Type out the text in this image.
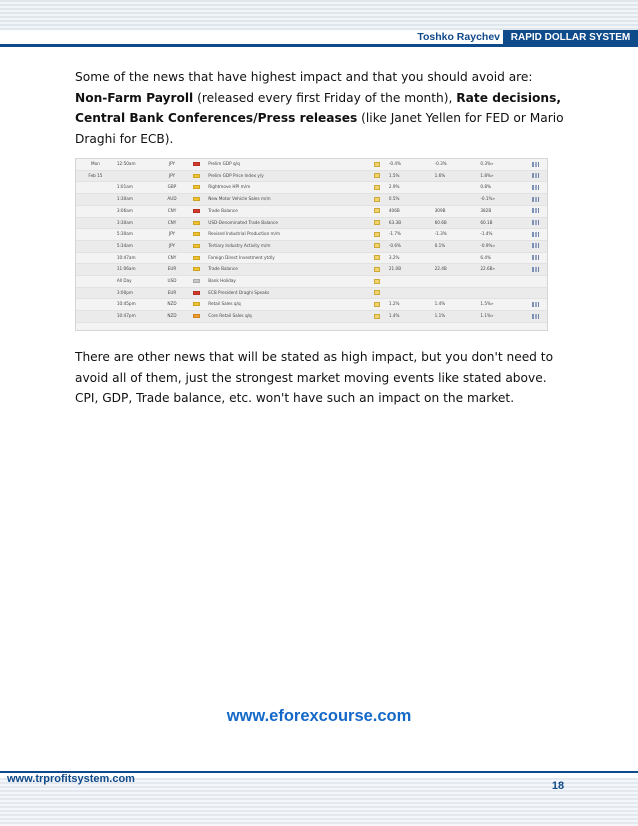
Toshko Raychev	RAPID DOLLAR SYSTEM

Some of the news that have highest impact and that you should avoid are: Non-Farm Payroll (released every first Friday of the month), Rate decisions, Central Bank Conferences/Press releases (like Janet Yellen for FED or Mario Draghi for ECB).

Mon	12:50am	JPY		Prelim GDP q/q		-0.4%	-0.3%	0.3%»	
Feb 15		JPY		Prelim GDP Price Index y/y		1.5%	1.6%	1.8%»	
	1:01am	GBP		Rightmove HPI m/m		2.9%		0.8%	
	1:30am	AUD		New Motor Vehicle Sales m/m		0.5%		-0.1%»	
	3:06am	CNY		Trade Balance		406B	309B	382B	
	3:30am	CNY		USD-Denominated Trade Balance		63.3B	60.6B	60.1B	
	5:30am	JPY		Revised Industrial Production m/m		-1.7%	-1.3%	-1.4%	
	5:34am	JPY		Tertiary Industry Activity m/m		-0.6%	0.1%	-0.9%»	
	10:47am	CNY		Foreign Direct Investment ytd/y		3.2%		6.4%	
	11:06am	EUR		Trade Balance		21.0B	22.4B	22.6B»	
	All Day	USD		Bank Holiday					
	3:00pm	EUR		ECB President Draghi Speaks					
	10:45pm	NZD		Retail Sales q/q		1.2%	1.4%	1.5%»	
	10:47pm	NZD		Core Retail Sales q/q		1.4%	1.1%	1.1%»	

There are other news that will be stated as high impact, but you don't need to avoid all of them, just the strongest market moving events like stated above. CPI, GDP, Trade balance, etc. won't have such an impact on the market.

www.eforexcourse.com
www.trprofitsystem.com
18
